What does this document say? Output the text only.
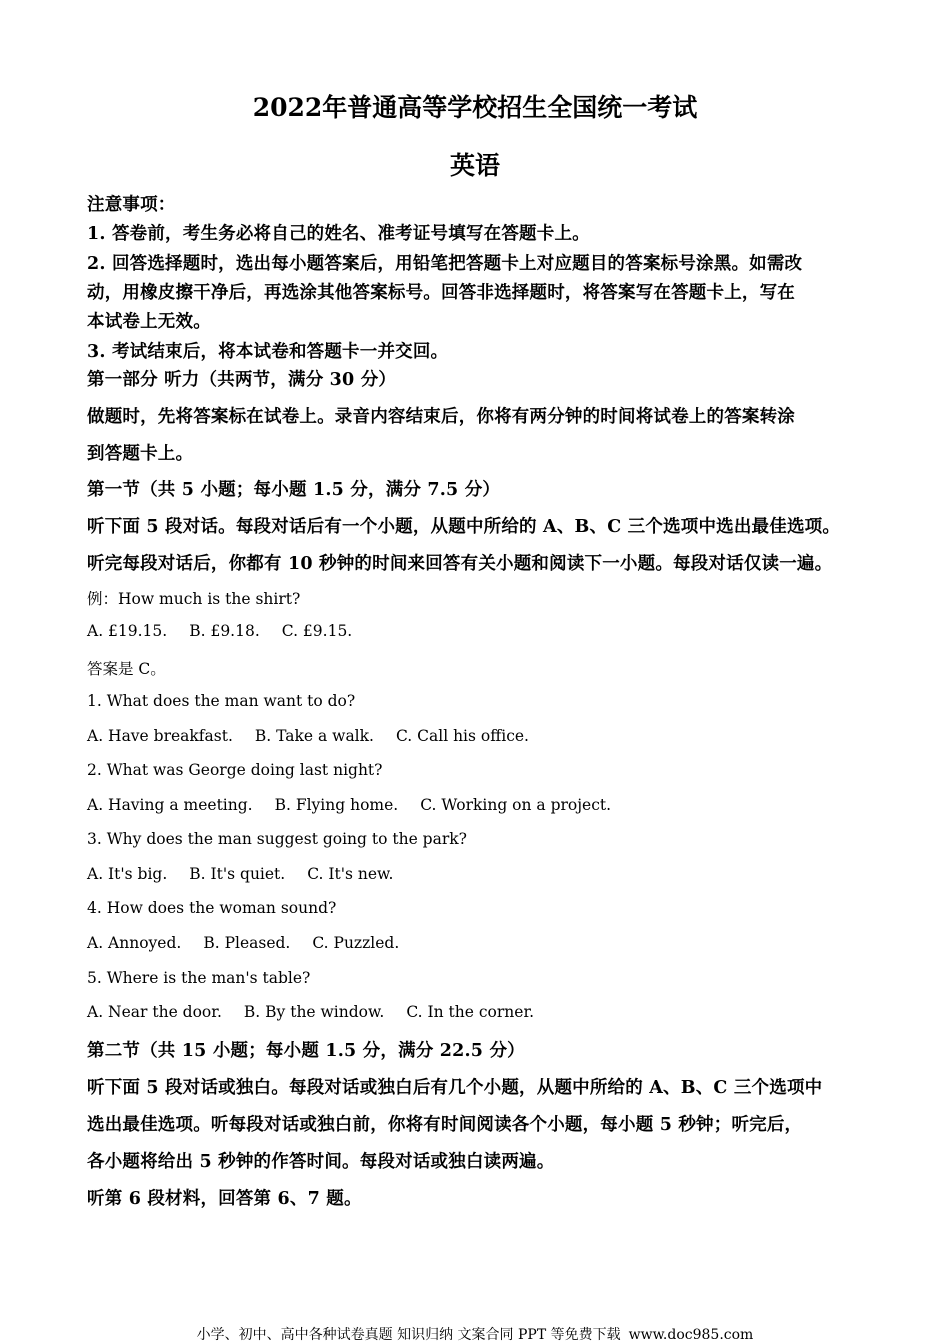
2022年普通高等学校招生全国统一考试
英语
注意事项：
1. 答卷前，考生务必将自己的姓名、准考证号填写在答题卡上。
2. 回答选择题时，选出每小题答案后，用铅笔把答题卡上对应题目的答案标号涂黑。如需改
动，用橡皮擦干净后，再选涂其他答案标号。回答非选择题时，将答案写在答题卡上，写在
本试卷上无效。
3. 考试结束后，将本试卷和答题卡一并交回。
第一部分 听力（共两节，满分 30 分）
做题时，先将答案标在试卷上。录音内容结束后，你将有两分钟的时间将试卷上的答案转涂
到答题卡上。
第一节（共 5 小题；每小题 1.5 分，满分 7.5 分）
听下面 5 段对话。每段对话后有一个小题，从题中所给的 A、B、C 三个选项中选出最佳选项。
听完每段对话后，你都有 10 秒钟的时间来回答有关小题和阅读下一小题。每段对话仅读一遍。
例：How much is the shirt?
A. £19.15. B. £9.18. C. £9.15.
答案是 C。
1. What does the man want to do?
A. Have breakfast. B. Take a walk. C. Call his office.
2. What was George doing last night?
A. Having a meeting. B. Flying home. C. Working on a project.
3. Why does the man suggest going to the park?
A. It's big. B. It's quiet. C. It's new.
4. How does the woman sound?
A. Annoyed. B. Pleased. C. Puzzled.
5. Where is the man's table?
A. Near the door. B. By the window. C. In the corner.
第二节（共 15 小题；每小题 1.5 分，满分 22.5 分）
听下面 5 段对话或独白。每段对话或独白后有几个小题，从题中所给的 A、B、C 三个选项中
选出最佳选项。听每段对话或独白前，你将有时间阅读各个小题，每小题 5 秒钟；听完后，
各小题将给出 5 秒钟的作答时间。每段对话或独白读两遍。
听第 6 段材料，回答第 6、7 题。
小学、初中、高中各种试卷真题 知识归纳 文案合同 PPT 等免费下载 www.doc985.com
